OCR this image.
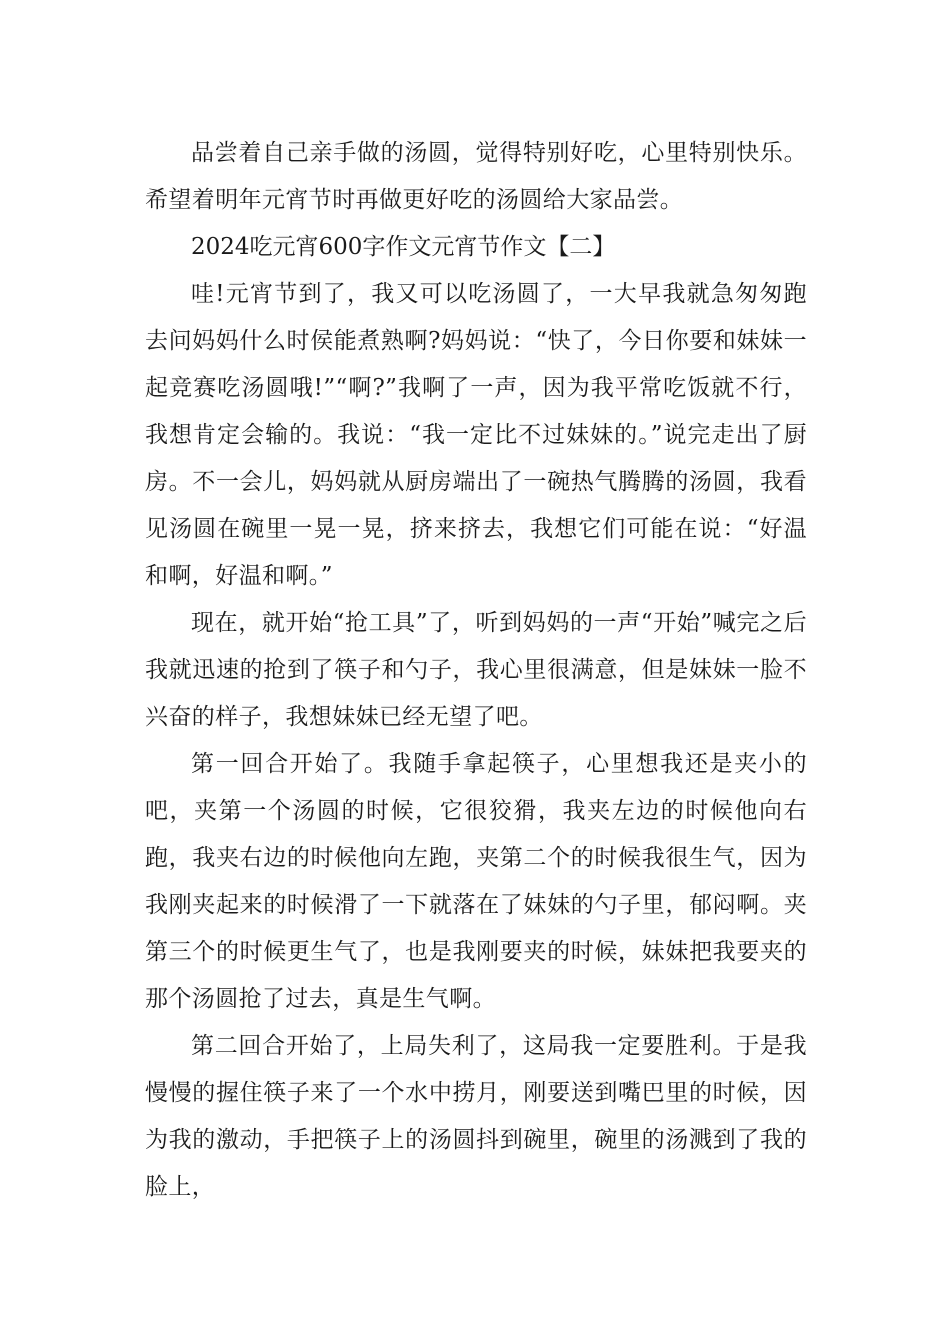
品尝着自己亲手做的汤圆，觉得特别好吃，心里特别快乐。希望着明年元宵节时再做更好吃的汤圆给大家品尝。

2024吃元宵600字作文元宵节作文【二】

哇!元宵节到了，我又可以吃汤圆了，一大早我就急匆匆跑去问妈妈什么时侯能煮熟啊?妈妈说：“快了，今日你要和妹妹一起竞赛吃汤圆哦!”“啊?”我啊了一声，因为我平常吃饭就不行，我想肯定会输的。我说：“我一定比不过妹妹的。”说完走出了厨房。不一会儿，妈妈就从厨房端出了一碗热气腾腾的汤圆，我看见汤圆在碗里一晃一晃，挤来挤去，我想它们可能在说：“好温和啊，好温和啊。”

现在，就开始“抢工具”了，听到妈妈的一声“开始”喊完之后我就迅速的抢到了筷子和勺子，我心里很满意，但是妹妹一脸不兴奋的样子，我想妹妹已经无望了吧。

第一回合开始了。我随手拿起筷子，心里想我还是夹小的吧，夹第一个汤圆的时候，它很狡猾，我夹左边的时候他向右跑，我夹右边的时候他向左跑，夹第二个的时候我很生气，因为我刚夹起来的时候滑了一下就落在了妹妹的勺子里，郁闷啊。夹第三个的时候更生气了，也是我刚要夹的时候，妹妹把我要夹的那个汤圆抢了过去，真是生气啊。

第二回合开始了，上局失利了，这局我一定要胜利。于是我慢慢的握住筷子来了一个水中捞月，刚要送到嘴巴里的时候，因为我的激动，手把筷子上的汤圆抖到碗里，碗里的汤溅到了我的脸上，
